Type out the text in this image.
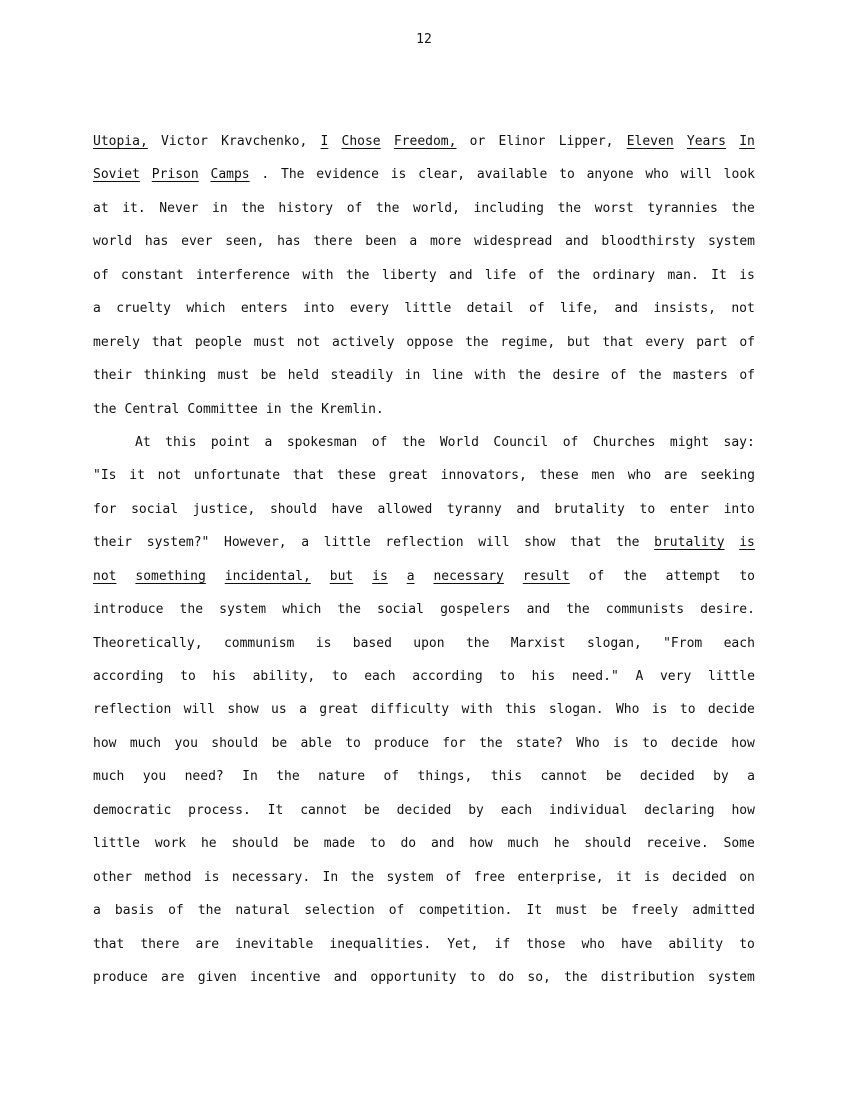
12
Utopia, Victor Kravchenko, I Chose Freedom, or Elinor Lipper, Eleven Years In
Soviet Prison Camps . The evidence is clear, available to anyone who will look
at it. Never in the history of the world, including the worst tyrannies the
world has ever seen, has there been a more widespread and bloodthirsty system
of constant interference with the liberty and life of the ordinary man. It is
a cruelty which enters into every little detail of life, and insists, not
merely that people must not actively oppose the regime, but that every part of
their thinking must be held steadily in line with the desire of the masters of
the Central Committee in the Kremlin.
At this point a spokesman of the World Council of Churches might say:
"Is it not unfortunate that these great innovators, these men who are seeking
for social justice, should have allowed tyranny and brutality to enter into
their system?" However, a little reflection will show that the brutality is
not something incidental, but is a necessary result of the attempt to
introduce the system which the social gospelers and the communists desire.
Theoretically, communism is based upon the Marxist slogan, "From each
according to his ability, to each according to his need." A very little
reflection will show us a great difficulty with this slogan. Who is to decide
how much you should be able to produce for the state? Who is to decide how
much you need? In the nature of things, this cannot be decided by a
democratic process. It cannot be decided by each individual declaring how
little work he should be made to do and how much he should receive. Some
other method is necessary. In the system of free enterprise, it is decided on
a basis of the natural selection of competition. It must be freely admitted
that there are inevitable inequalities. Yet, if those who have ability to
produce are given incentive and opportunity to do so, the distribution system
